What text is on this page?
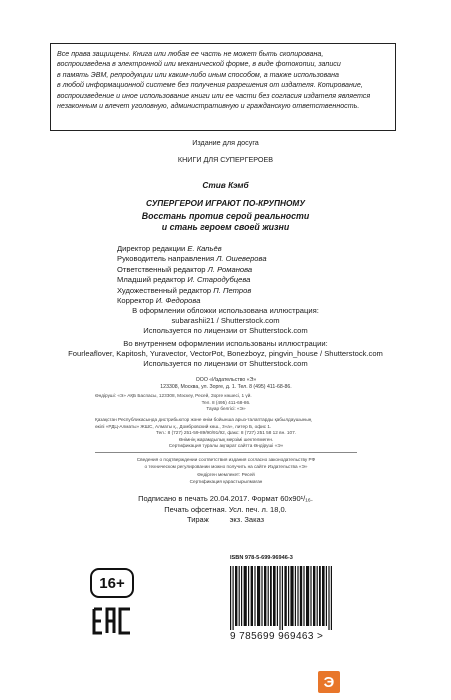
Все права защищены. Книга или любая ее часть не может быть скопирована,
воспроизведена в электронной или механической форме, в виде фотокопии, записи
в память ЭВМ, репродукции или каким-либо иным способом, а также использована
в любой информационной системе без получения разрешения от издателя. Копирование,
воспроизведение и иное использование книги или ее части без согласия издателя является
незаконным и влечет уголовную, административную и гражданскую ответственность.
Издание для досуга
КНИГИ ДЛЯ СУПЕРГЕРОЕВ
Стив Кэмб
СУПЕРГЕРОИ ИГРАЮТ ПО-КРУПНОМУ
Восстань против серой реальности
и стань героем своей жизни
Директор редакции Е. Капьёв
Руководитель направления Л. Ошеверова
Ответственный редактор Л. Романова
Младший редактор И. Стародубцева
Художественный редактор П. Петров
Корректор И. Федорова
В оформлении обложки использована иллюстрация:
subarashii21 / Shutterstock.com
Используется по лицензии от Shutterstock.com
Во внутреннем оформлении использованы иллюстрации:
Fourleaflover, Kapitosh, Yuravector, VectorPot, Bonezboyz, pingvin_house / Shutterstock.com
Используется по лицензии от Shutterstock.com
ООО «Издательство «Э»
123308, Москва, ул. Зорге, д. 1. Тел. 8 (495) 411-68-86.
Өндіруші: «Э» АҚБ Баспасы, 123308, Мәскеу, Ресей, Зорге көшесі, 1 үй.
Тел. 8 (495) 411-68-86.
Тауар белгісі: «Э»
Қазақстан Республикасында дистрибьютор және өнім бойынша арыз-талаптарды қабылдаушының
өкілі «РДЦ-Алматы» ЖШС, Алматы қ., Домбровский көш., 3«а», литер Б, офис 1.
Тел.: 8 (727) 251-59-89/90/91/92, факс: 8 (727) 251 58 12 вн. 107.
Өнімнің жарамдылық мерзімі шектелмеген.
Сертификация туралы ақпарат сайтта Өндіруші «Э»
Сведения о подтверждении соответствия издания согласно законодательству РФ
о техническом регулировании можно получить на сайте Издательства «Э»
Өндірген мемлекет: Ресей
Сертификация қарастырылмаған
Подписано в печать 20.04.2017. Формат 60x90¹/₁₆.
Печать офсетная. Усл. печ. л. 18,0.
Тираж          экз. Заказ
16+
ISBN 978-5-699-96946-3
9 785699 969463 >
Э
